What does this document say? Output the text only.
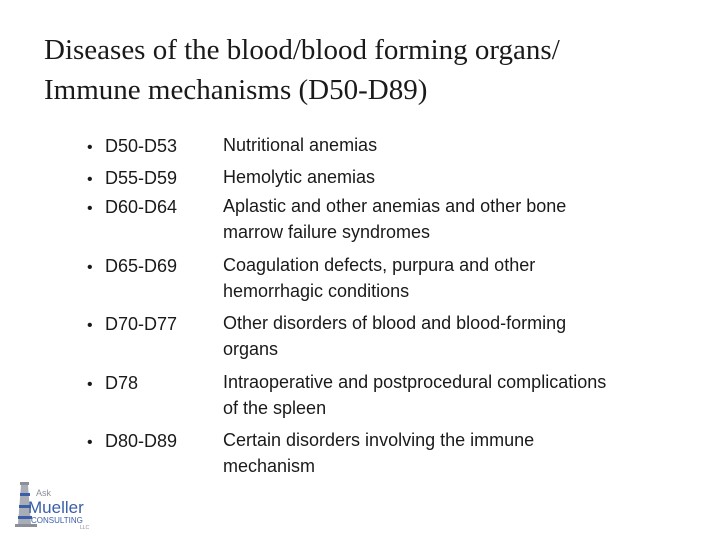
Diseases of the blood/blood forming organs/
Immune mechanisms (D50-D89)
• D50-D53	Nutritional anemias
• D55-D59	Hemolytic anemias
• D60-D64	Aplastic and other anemias and other bone
marrow failure syndromes
• D65-D69	Coagulation defects, purpura and other
hemorrhagic conditions
• D70-D77	Other disorders of blood and blood-forming
organs
• D78	Intraoperative and postprocedural complications
of the spleen
• D80-D89	Certain disorders involving the immune
mechanism
Ask
Mueller
CONSULTING
LLC
